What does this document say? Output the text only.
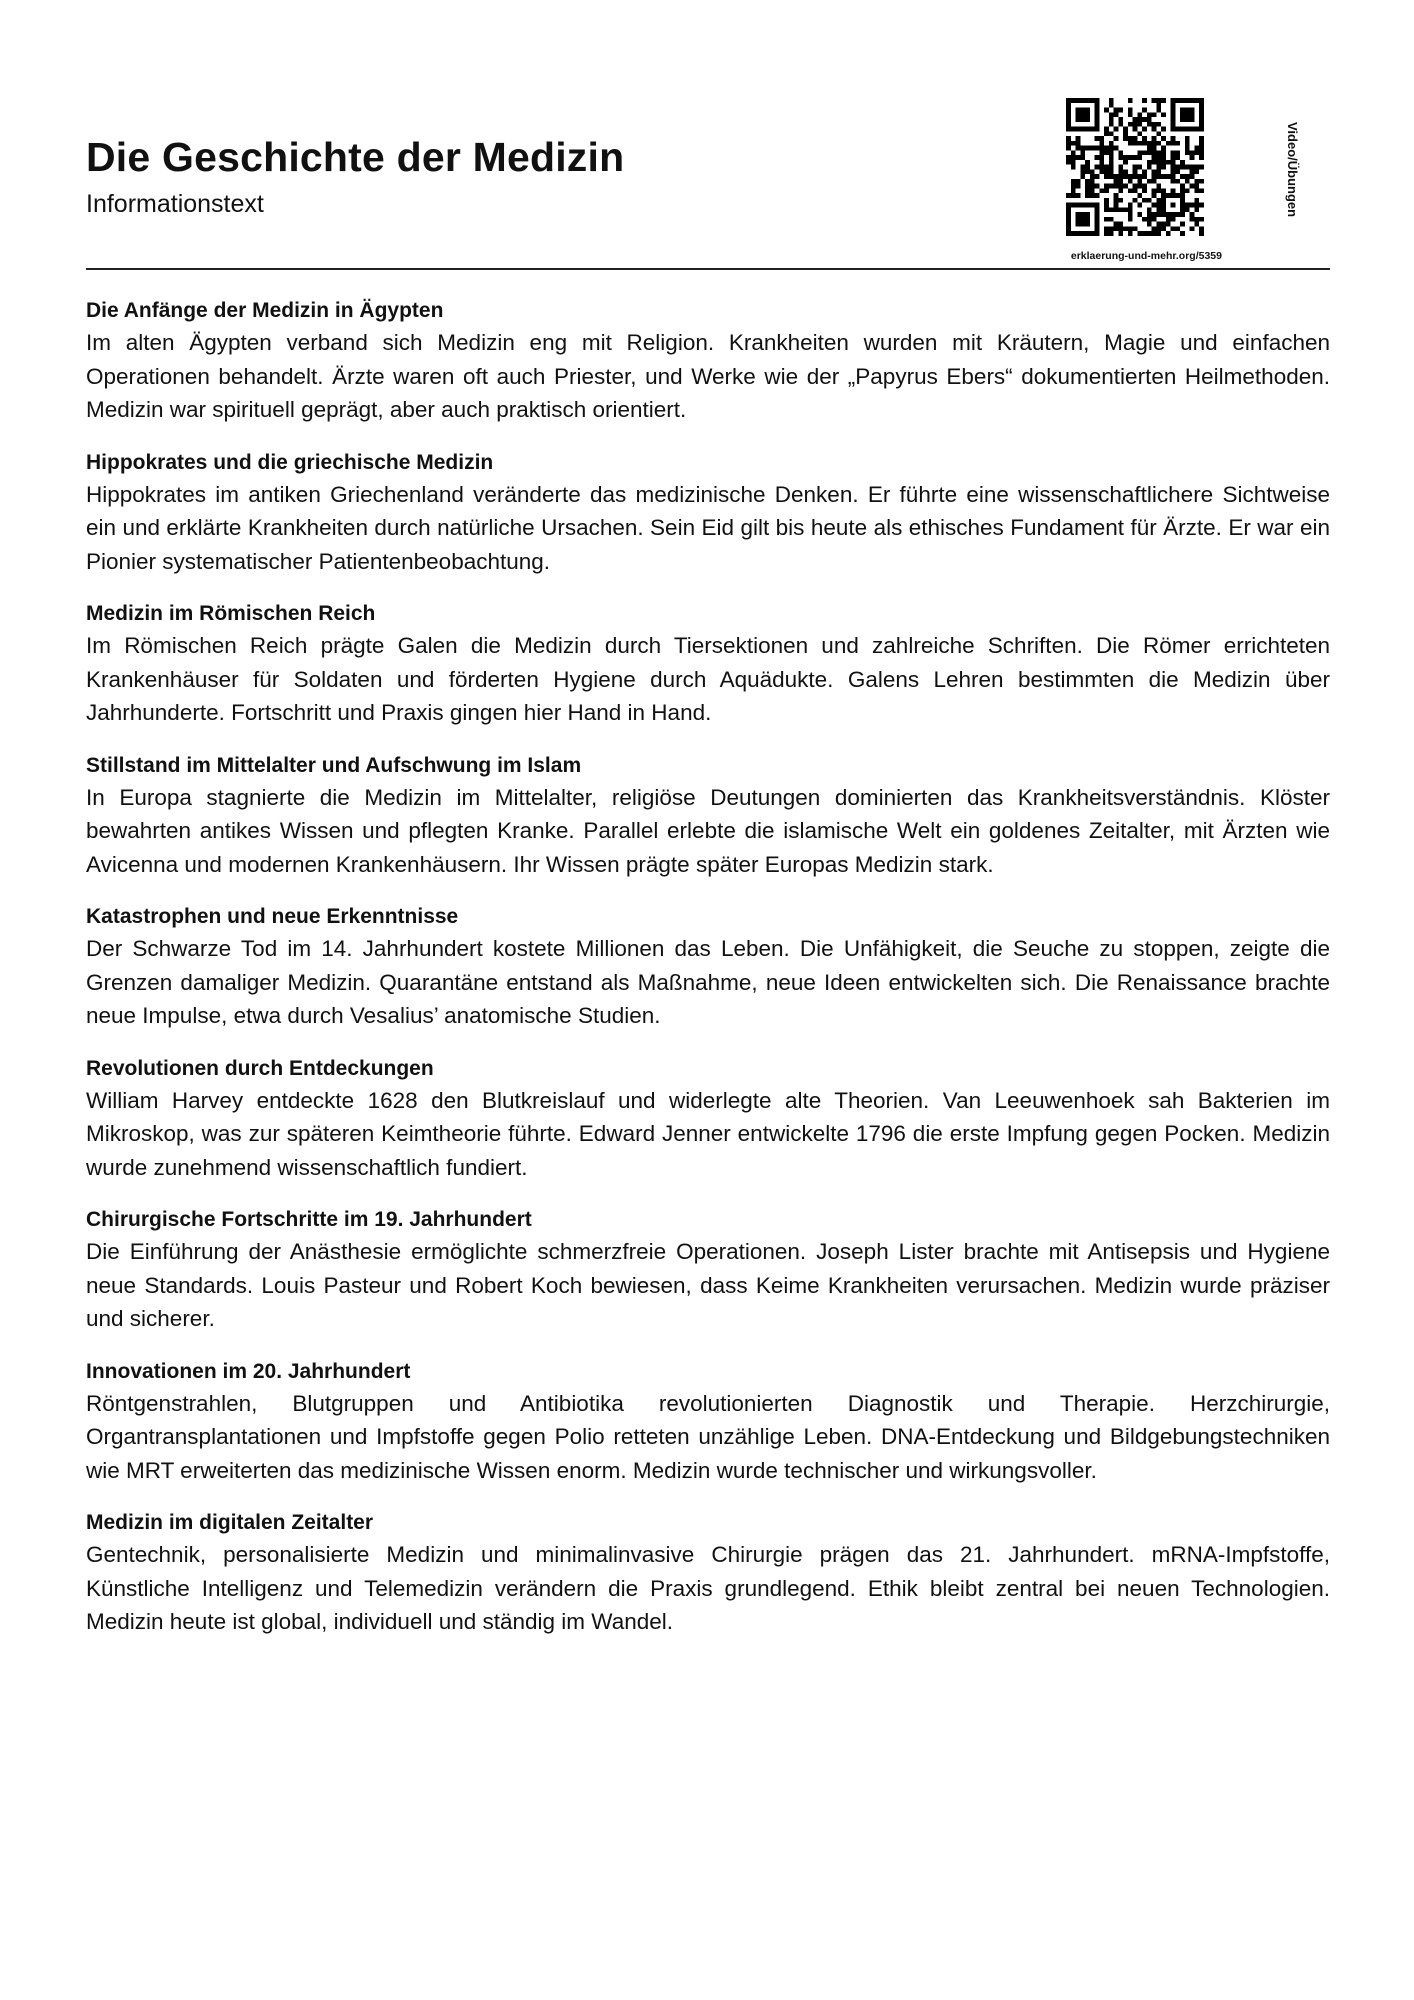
Die Geschichte der Medizin
Informationstext	Video/Übungen
erklaerung-und-mehr.org/5359

Die Anfänge der Medizin in Ägypten

Im alten Ägypten verband sich Medizin eng mit Religion. Krankheiten wurden mit Kräutern, Magie und einfachen Operationen behandelt. Ärzte waren oft auch Priester, und Werke wie der „Papyrus Ebers“ dokumentierten Heilmethoden. Medizin war spirituell geprägt, aber auch praktisch orientiert.

Hippokrates und die griechische Medizin

Hippokrates im antiken Griechenland veränderte das medizinische Denken. Er führte eine wissenschaftlichere Sichtweise ein und erklärte Krankheiten durch natürliche Ursachen. Sein Eid gilt bis heute als ethisches Fundament für Ärzte. Er war ein Pionier systematischer Patientenbeobachtung.

Medizin im Römischen Reich

Im Römischen Reich prägte Galen die Medizin durch Tiersektionen und zahlreiche Schriften. Die Römer errichteten Krankenhäuser für Soldaten und förderten Hygiene durch Aquädukte. Galens Lehren bestimmten die Medizin über Jahrhunderte. Fortschritt und Praxis gingen hier Hand in Hand.

Stillstand im Mittelalter und Aufschwung im Islam

In Europa stagnierte die Medizin im Mittelalter, religiöse Deutungen dominierten das Krankheitsverständnis. Klöster bewahrten antikes Wissen und pflegten Kranke. Parallel erlebte die islamische Welt ein goldenes Zeitalter, mit Ärzten wie Avicenna und modernen Krankenhäusern. Ihr Wissen prägte später Europas Medizin stark.

Katastrophen und neue Erkenntnisse

Der Schwarze Tod im 14. Jahrhundert kostete Millionen das Leben. Die Unfähigkeit, die Seuche zu stoppen, zeigte die Grenzen damaliger Medizin. Quarantäne entstand als Maßnahme, neue Ideen entwickelten sich. Die Renaissance brachte neue Impulse, etwa durch Vesalius’ anatomische Studien.

Revolutionen durch Entdeckungen

William Harvey entdeckte 1628 den Blutkreislauf und widerlegte alte Theorien. Van Leeuwenhoek sah Bakterien im Mikroskop, was zur späteren Keimtheorie führte. Edward Jenner entwickelte 1796 die erste Impfung gegen Pocken. Medizin wurde zunehmend wissenschaftlich fundiert.

Chirurgische Fortschritte im 19. Jahrhundert

Die Einführung der Anästhesie ermöglichte schmerzfreie Operationen. Joseph Lister brachte mit Antisepsis und Hygiene neue Standards. Louis Pasteur und Robert Koch bewiesen, dass Keime Krankheiten verursachen. Medizin wurde präziser und sicherer.

Innovationen im 20. Jahrhundert

Röntgenstrahlen, Blutgruppen und Antibiotika revolutionierten Diagnostik und Therapie. Herzchirurgie, Organtransplantationen und Impfstoffe gegen Polio retteten unzählige Leben. DNA-Entdeckung und Bildgebungstechniken wie MRT erweiterten das medizinische Wissen enorm. Medizin wurde technischer und wirkungsvoller.

Medizin im digitalen Zeitalter

Gentechnik, personalisierte Medizin und minimalinvasive Chirurgie prägen das 21. Jahrhundert. mRNA-Impfstoffe, Künstliche Intelligenz und Telemedizin verändern die Praxis grundlegend. Ethik bleibt zentral bei neuen Technologien. Medizin heute ist global, individuell und ständig im Wandel.
